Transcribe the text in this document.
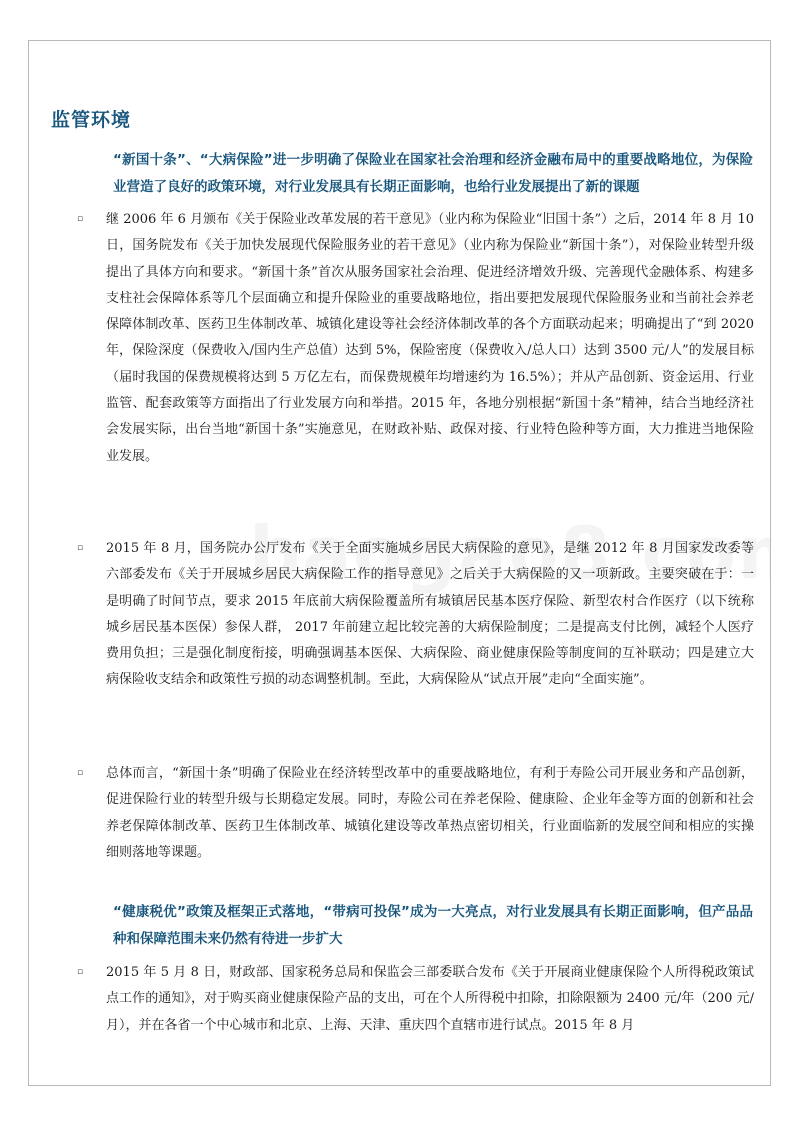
监管环境
“新国十条”、“大病保险”进一步明确了保险业在国家社会治理和经济金融布局中的重要战略地位，为保险业营造了良好的政策环境，对行业发展具有长期正面影响，也给行业发展提出了新的课题
▫ 继 2006 年 6 月颁布《关于保险业改革发展的若干意见》（业内称为保险业“旧国十条”）之后，2014 年 8 月 10 日，国务院发布《关于加快发展现代保险服务业的若干意见》（业内称为保险业“新国十条”），对保险业转型升级提出了具体方向和要求。“新国十条”首次从服务国家社会治理、促进经济增效升级、完善现代金融体系、构建多支柱社会保障体系等几个层面确立和提升保险业的重要战略地位，指出要把发展现代保险服务业和当前社会养老保障体制改革、医药卫生体制改革、城镇化建设等社会经济体制改革的各个方面联动起来；明确提出了“到 2020 年，保险深度（保费收入/国内生产总值）达到 5%，保险密度（保费收入/总人口）达到 3500 元/人”的发展目标（届时我国的保费规模将达到 5 万亿左右，而保费规模年均增速约为 16.5%）；并从产品创新、资金运用、行业监管、配套政策等方面指出了行业发展方向和举措。2015 年，各地分别根据“新国十条”精神，结合当地经济社会发展实际，出台当地“新国十条”实施意见，在财政补贴、政保对接、行业特色险种等方面，大力推进当地保险业发展。
▫ 2015 年 8 月，国务院办公厅发布《关于全面实施城乡居民大病保险的意见》，是继 2012 年 8 月国家发改委等六部委发布《关于开展城乡居民大病保险工作的指导意见》之后关于大病保险的又一项新政。主要突破在于：一是明确了时间节点，要求 2015 年底前大病保险覆盖所有城镇居民基本医疗保险、新型农村合作医疗（以下统称城乡居民基本医保）参保人群， 2017 年前建立起比较完善的大病保险制度；二是提高支付比例，减轻个人医疗费用负担；三是强化制度衔接，明确强调基本医保、大病保险、商业健康保险等制度间的互补联动；四是建立大病保险收支结余和政策性亏损的动态调整机制。至此，大病保险从“试点开展”走向“全面实施”。
▫ 总体而言，“新国十条”明确了保险业在经济转型改革中的重要战略地位，有利于寿险公司开展业务和产品创新，促进保险行业的转型升级与长期稳定发展。同时，寿险公司在养老保险、健康险、企业年金等方面的创新和社会养老保障体制改革、医药卫生体制改革、城镇化建设等改革热点密切相关，行业面临新的发展空间和相应的实操细则落地等课题。
“健康税优”政策及框架正式落地，“带病可投保”成为一大亮点，对行业发展具有长期正面影响，但产品品种和保障范围未来仍然有待进一步扩大
▫ 2015 年 5 月 8 日，财政部、国家税务总局和保监会三部委联合发布《关于开展商业健康保险个人所得税政策试点工作的通知》，对于购买商业健康保险产品的支出，可在个人所得税中扣除，扣除限额为 2400 元/年（200 元/月），并在各省一个中心城市和北京、上海、天津、重庆四个直辖市进行试点。2015 年 8 月
